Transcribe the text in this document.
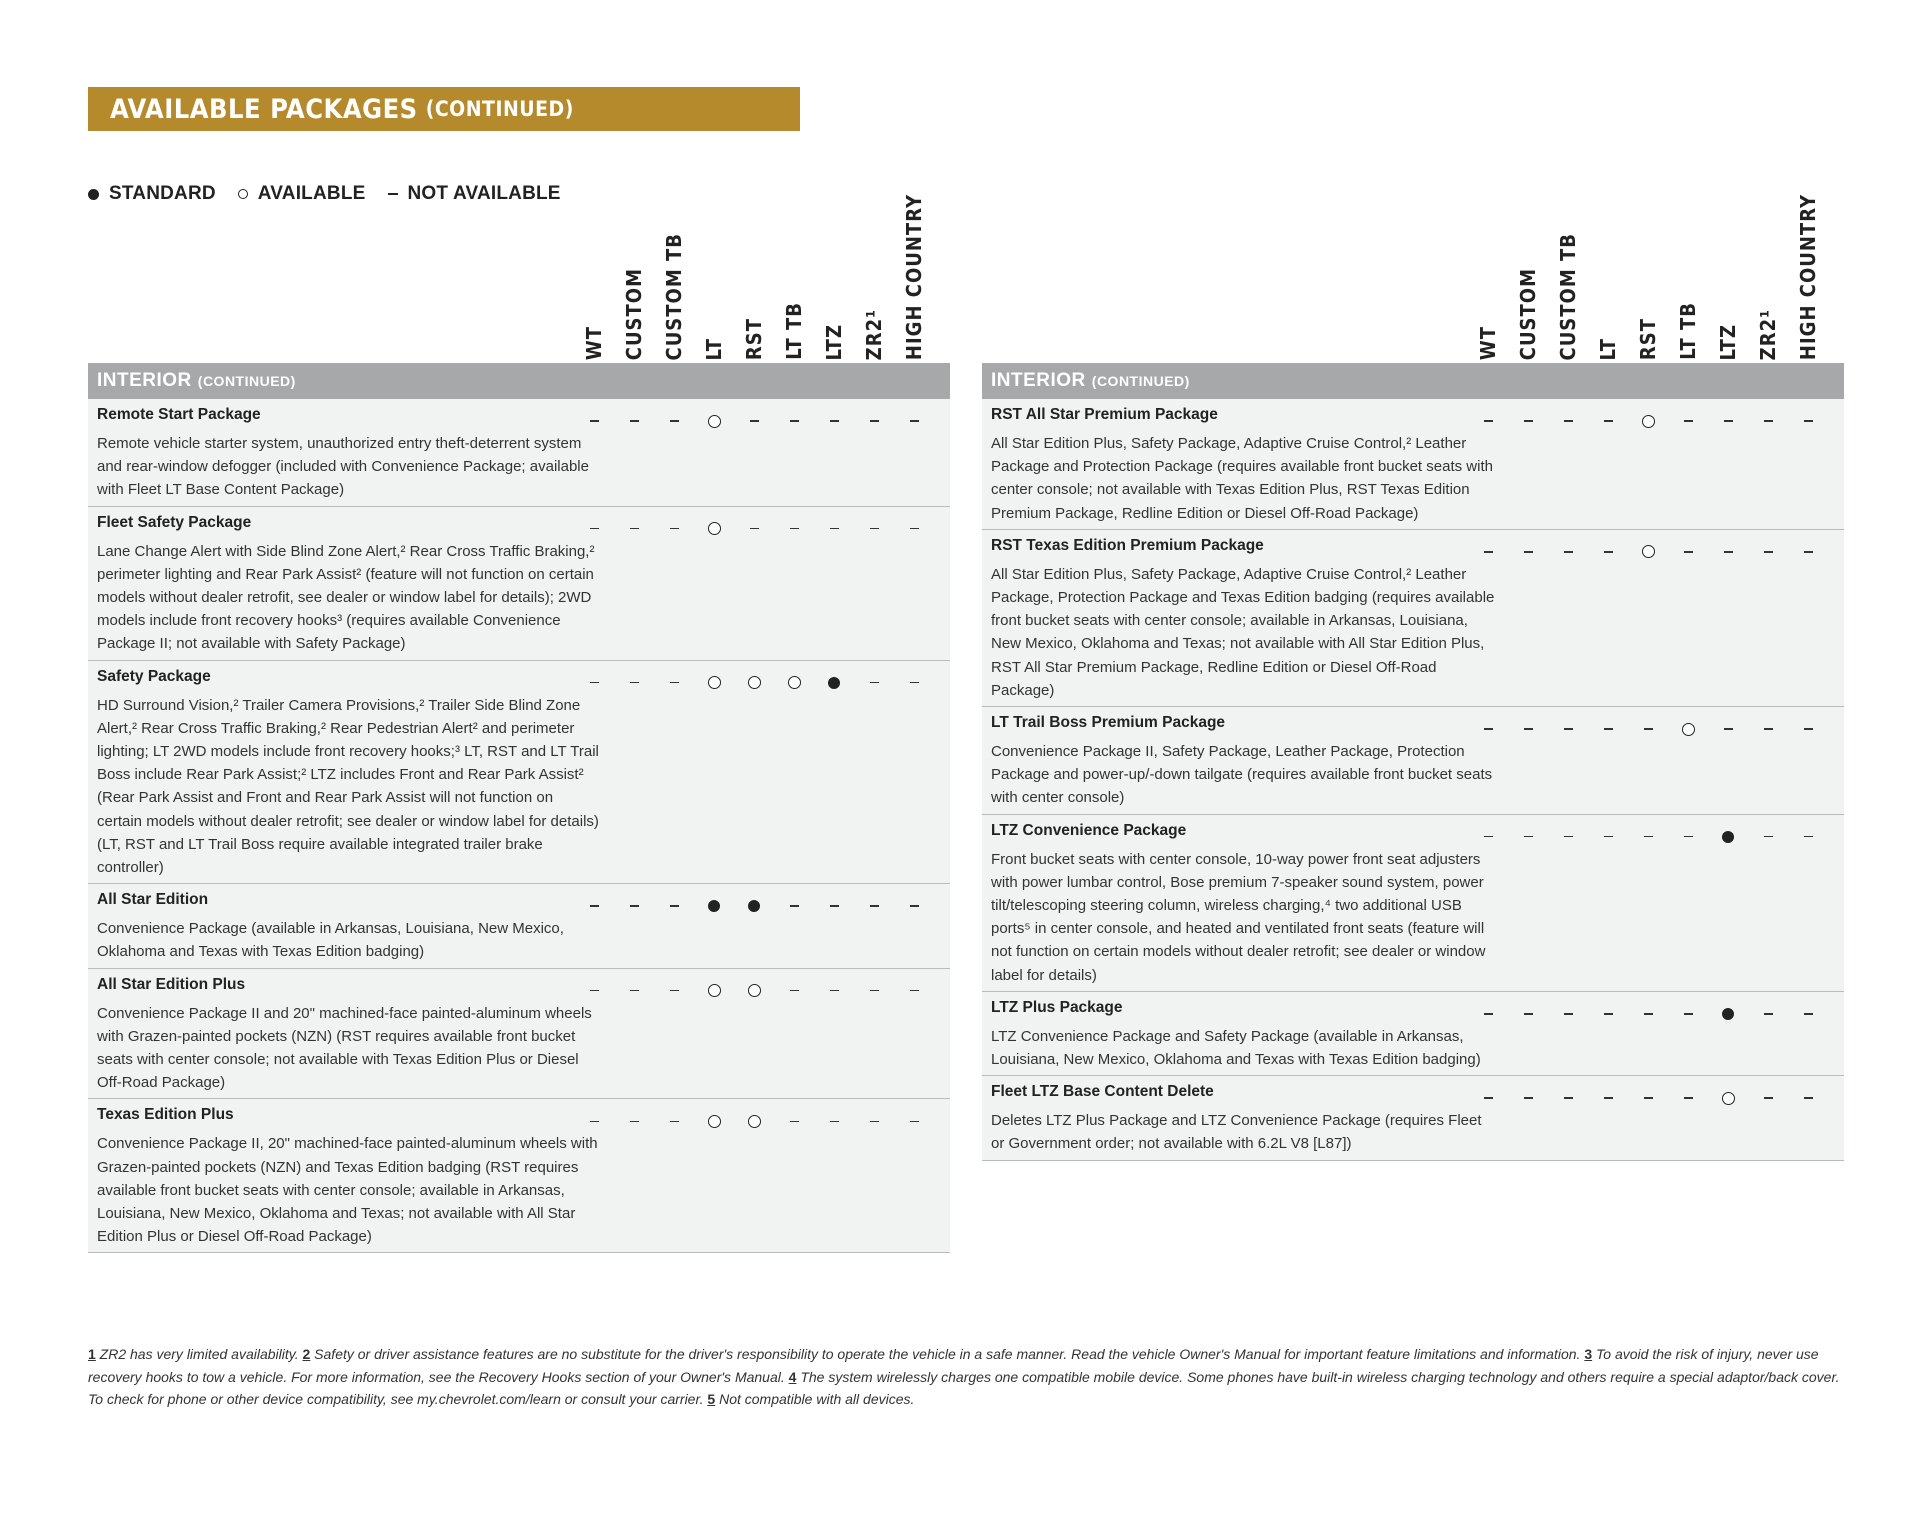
AVAILABLE PACKAGES (CONTINUED)
STANDARD AVAILABLE NOT AVAILABLE
WT CUSTOM CUSTOM TB LT RST LT TB LTZ ZR2¹ HIGH COUNTRY
INTERIOR (CONTINUED)
Remote Start Package
Remote vehicle starter system, unauthorized entry theft-deterrent system and rear-window defogger (included with Convenience Package; available with Fleet LT Base Content Package)
Fleet Safety Package
Lane Change Alert with Side Blind Zone Alert,² Rear Cross Traffic Braking,² perimeter lighting and Rear Park Assist² (feature will not function on certain models without dealer retrofit, see dealer or window label for details); 2WD models include front recovery hooks³ (requires available Convenience Package II; not available with Safety Package)
Safety Package
HD Surround Vision,² Trailer Camera Provisions,² Trailer Side Blind Zone Alert,² Rear Cross Traffic Braking,² Rear Pedestrian Alert² and perimeter lighting; LT 2WD models include front recovery hooks;³ LT, RST and LT Trail Boss include Rear Park Assist;² LTZ includes Front and Rear Park Assist² (Rear Park Assist and Front and Rear Park Assist will not function on certain models without dealer retrofit; see dealer or window label for details) (LT, RST and LT Trail Boss require available integrated trailer brake controller)
All Star Edition
Convenience Package (available in Arkansas, Louisiana, New Mexico, Oklahoma and Texas with Texas Edition badging)
All Star Edition Plus
Convenience Package II and 20" machined-face painted-aluminum wheels with Grazen-painted pockets (NZN) (RST requires available front bucket seats with center console; not available with Texas Edition Plus or Diesel Off-Road Package)
Texas Edition Plus
Convenience Package II, 20" machined-face painted-aluminum wheels with Grazen-painted pockets (NZN) and Texas Edition badging (RST requires available front bucket seats with center console; available in Arkansas, Louisiana, New Mexico, Oklahoma and Texas; not available with All Star Edition Plus or Diesel Off-Road Package)
WT CUSTOM CUSTOM TB LT RST LT TB LTZ ZR2¹ HIGH COUNTRY
INTERIOR (CONTINUED)
RST All Star Premium Package
All Star Edition Plus, Safety Package, Adaptive Cruise Control,² Leather Package and Protection Package (requires available front bucket seats with center console; not available with Texas Edition Plus, RST Texas Edition Premium Package, Redline Edition or Diesel Off-Road Package)
RST Texas Edition Premium Package
All Star Edition Plus, Safety Package, Adaptive Cruise Control,² Leather Package, Protection Package and Texas Edition badging (requires available front bucket seats with center console; available in Arkansas, Louisiana, New Mexico, Oklahoma and Texas; not available with All Star Edition Plus, RST All Star Premium Package, Redline Edition or Diesel Off-Road Package)
LT Trail Boss Premium Package
Convenience Package II, Safety Package, Leather Package, Protection Package and power-up/-down tailgate (requires available front bucket seats with center console)
LTZ Convenience Package
Front bucket seats with center console, 10-way power front seat adjusters with power lumbar control, Bose premium 7-speaker sound system, power tilt/telescoping steering column, wireless charging,⁴ two additional USB ports⁵ in center console, and heated and ventilated front seats (feature will not function on certain models without dealer retrofit; see dealer or window label for details)
LTZ Plus Package
LTZ Convenience Package and Safety Package (available in Arkansas, Louisiana, New Mexico, Oklahoma and Texas with Texas Edition badging)
Fleet LTZ Base Content Delete
Deletes LTZ Plus Package and LTZ Convenience Package (requires Fleet or Government order; not available with 6.2L V8 [L87])
1 ZR2 has very limited availability. 2 Safety or driver assistance features are no substitute for the driver's responsibility to operate the vehicle in a safe manner. Read the vehicle Owner's Manual for important feature limitations and information. 3 To avoid the risk of injury, never use recovery hooks to tow a vehicle. For more information, see the Recovery Hooks section of your Owner's Manual. 4 The system wirelessly charges one compatible mobile device. Some phones have built-in wireless charging technology and others require a special adaptor/back cover. To check for phone or other device compatibility, see my.chevrolet.com/learn or consult your carrier. 5 Not compatible with all devices.
